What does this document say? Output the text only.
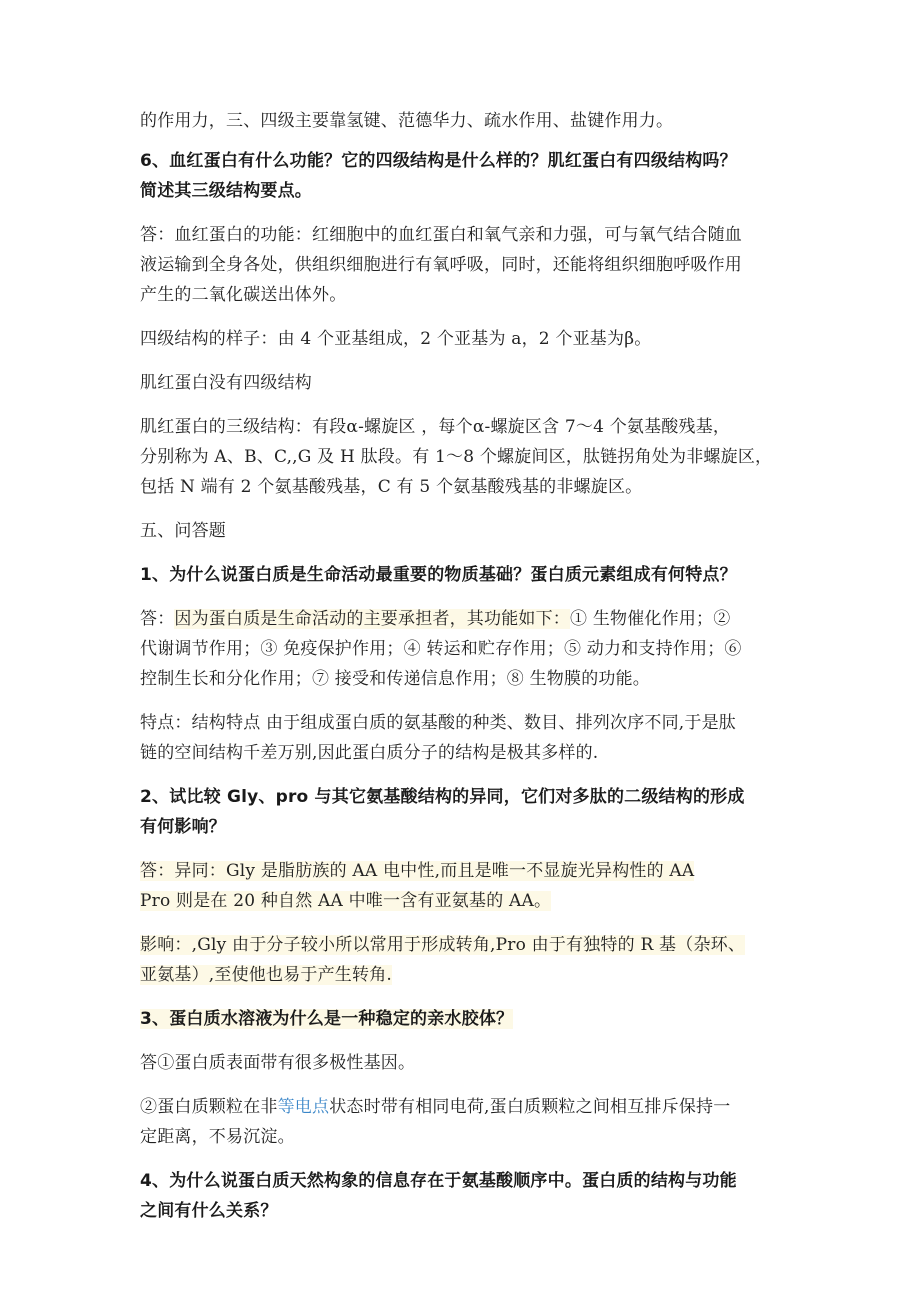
的作用力，三、四级主要靠氢键、范德华力、疏水作用、盐键作用力。

6、血红蛋白有什么功能？它的四级结构是什么样的？肌红蛋白有四级结构吗？

简述其三级结构要点。

答：血红蛋白的功能：红细胞中的血红蛋白和氧气亲和力强，可与氧气结合随血

液运输到全身各处，供组织细胞进行有氧呼吸，同时，还能将组织细胞呼吸作用

产生的二氧化碳送出体外。

四级结构的样子：由 4 个亚基组成，2 个亚基为 a，2 个亚基为β。

肌红蛋白没有四级结构

肌红蛋白的三级结构：有段α-螺旋区 ，每个α-螺旋区含 7～4 个氨基酸残基，

分别称为 A、B、C,,G 及 H 肽段。有 1～8 个螺旋间区，肽链拐角处为非螺旋区，

包括 N 端有 2 个氨基酸残基，C 有 5 个氨基酸残基的非螺旋区。

五、问答题

1、为什么说蛋白质是生命活动最重要的物质基础？蛋白质元素组成有何特点？

答：因为蛋白质是生命活动的主要承担者，其功能如下：① 生物催化作用；②

代谢调节作用；③ 免疫保护作用；④ 转运和贮存作用；⑤ 动力和支持作用；⑥

控制生长和分化作用；⑦ 接受和传递信息作用；⑧ 生物膜的功能。

特点：结构特点 由于组成蛋白质的氨基酸的种类、数目、排列次序不同,于是肽

链的空间结构千差万别,因此蛋白质分子的结构是极其多样的.

2、试比较 Gly、pro 与其它氨基酸结构的异同，它们对多肽的二级结构的形成

有何影响？

答：异同：Gly 是脂肪族的 AA 电中性,而且是唯一不显旋光异构性的 AA

Pro 则是在 20 种自然 AA 中唯一含有亚氨基的 AA。

影响：,Gly 由于分子较小所以常用于形成转角,Pro 由于有独特的 R 基（杂环、

亚氨基）,至使他也易于产生转角.

3、蛋白质水溶液为什么是一种稳定的亲水胶体？

答①蛋白质表面带有很多极性基因。

②蛋白质颗粒在非等电点状态时带有相同电荷,蛋白质颗粒之间相互排斥保持一

定距离，不易沉淀。

4、为什么说蛋白质天然构象的信息存在于氨基酸顺序中。蛋白质的结构与功能

之间有什么关系？
